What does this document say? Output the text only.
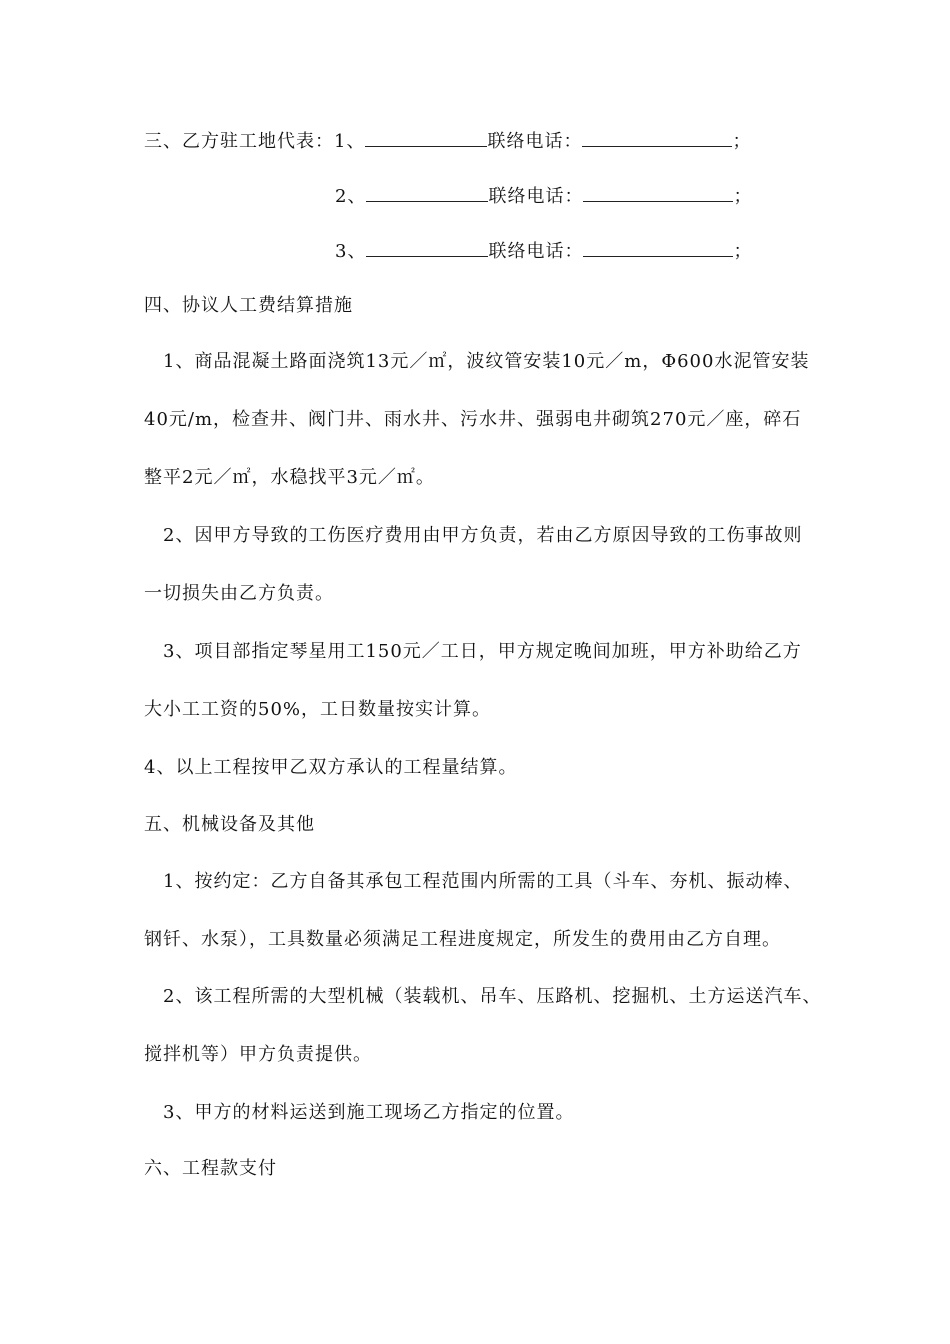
三、乙方驻工地代表：1、	联络电话：	；
2、	联络电话：	；
3、	联络电话：	；
四、协议人工费结算措施
1、商品混凝土路面浇筑13元／㎡，波纹管安装10元／m，Φ600水泥管安装
40元/m，检查井、阀门井、雨水井、污水井、强弱电井砌筑270元／座，碎石
整平2元／㎡，水稳找平3元／㎡。
2、因甲方导致的工伤医疗费用由甲方负责，若由乙方原因导致的工伤事故则
一切损失由乙方负责。
3、项目部指定琴星用工150元／工日，甲方规定晚间加班，甲方补助给乙方
大小工工资的50%，工日数量按实计算。
4、以上工程按甲乙双方承认的工程量结算。
五、机械设备及其他
1、按约定：乙方自备其承包工程范围内所需的工具（斗车、夯机、振动棒、
钢钎、水泵），工具数量必须满足工程进度规定，所发生的费用由乙方自理。
2、该工程所需的大型机械（装载机、吊车、压路机、挖掘机、土方运送汽车、
搅拌机等）甲方负责提供。
3、甲方的材料运送到施工现场乙方指定的位置。
六、工程款支付
